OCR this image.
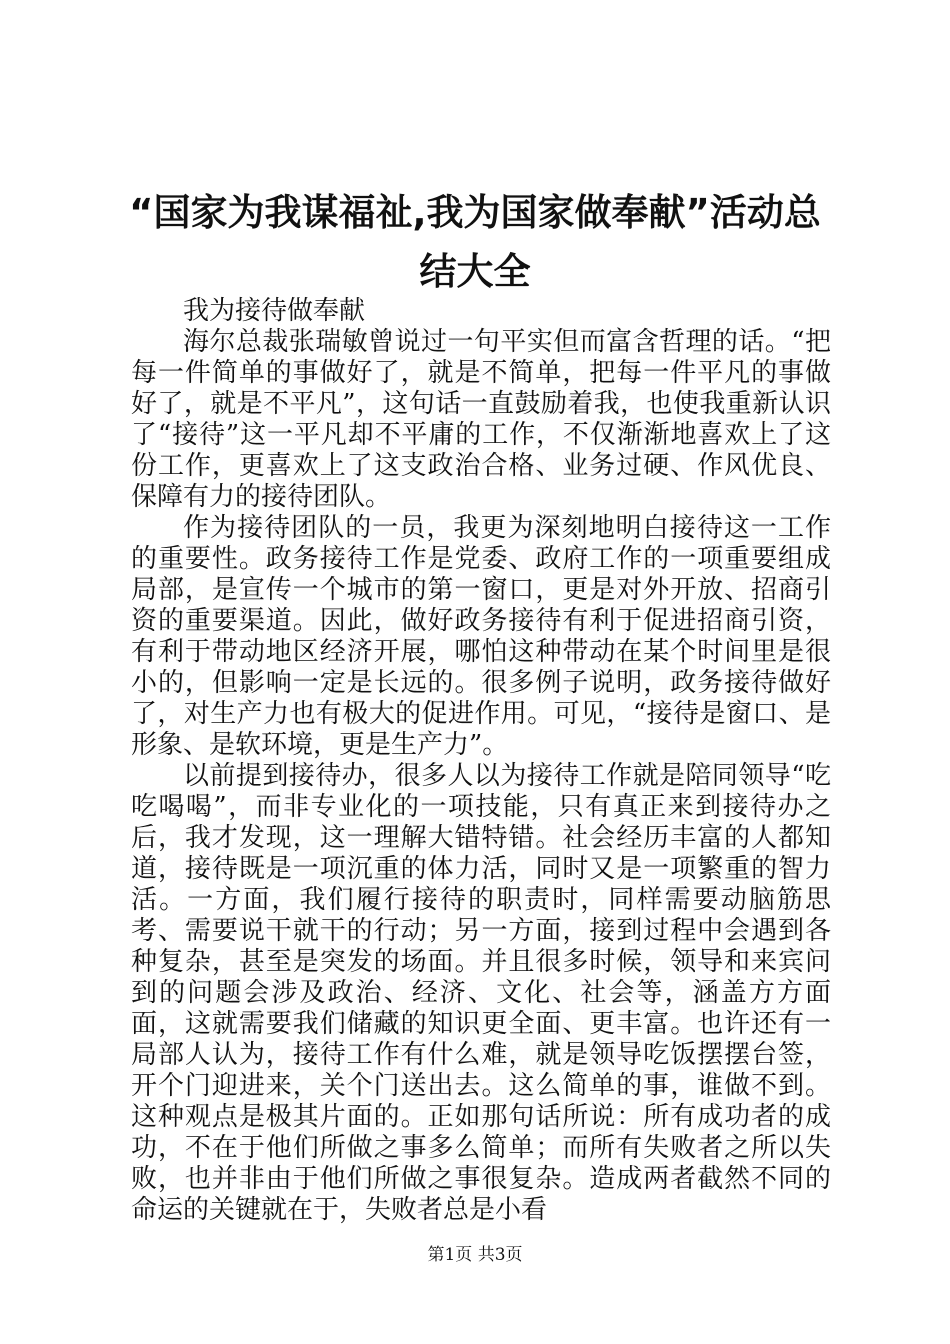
“国家为我谋福祉,我为国家做奉献”活动总结大全

我为接待做奉献

海尔总裁张瑞敏曾说过一句平实但而富含哲理的话。“把每一件简单的事做好了，就是不简单，把每一件平凡的事做好了，就是不平凡”，这句话一直鼓励着我，也使我重新认识了“接待”这一平凡却不平庸的工作，不仅渐渐地喜欢上了这份工作，更喜欢上了这支政治合格、业务过硬、作风优良、保障有力的接待团队。

作为接待团队的一员，我更为深刻地明白接待这一工作的重要性。政务接待工作是党委、政府工作的一项重要组成局部，是宣传一个城市的第一窗口，更是对外开放、招商引资的重要渠道。因此，做好政务接待有利于促进招商引资，有利于带动地区经济开展，哪怕这种带动在某个时间里是很小的，但影响一定是长远的。很多例子说明，政务接待做好了，对生产力也有极大的促进作用。可见，“接待是窗口、是形象、是软环境，更是生产力”。

以前提到接待办，很多人以为接待工作就是陪同领导“吃吃喝喝”，而非专业化的一项技能，只有真正来到接待办之后，我才发现，这一理解大错特错。社会经历丰富的人都知道，接待既是一项沉重的体力活，同时又是一项繁重的智力活。一方面，我们履行接待的职责时，同样需要动脑筋思考、需要说干就干的行动；另一方面，接到过程中会遇到各种复杂，甚至是突发的场面。并且很多时候，领导和来宾问到的问题会涉及政治、经济、文化、社会等，涵盖方方面面，这就需要我们储藏的知识更全面、更丰富。也许还有一局部人认为，接待工作有什么难，就是领导吃饭摆摆台签，开个门迎进来，关个门送出去。这么简单的事，谁做不到。这种观点是极其片面的。正如那句话所说：所有成功者的成功，不在于他们所做之事多么简单；而所有失败者之所以失败，也并非由于他们所做之事很复杂。造成两者截然不同的命运的关键就在于，失败者总是小看

第1页 共3页
